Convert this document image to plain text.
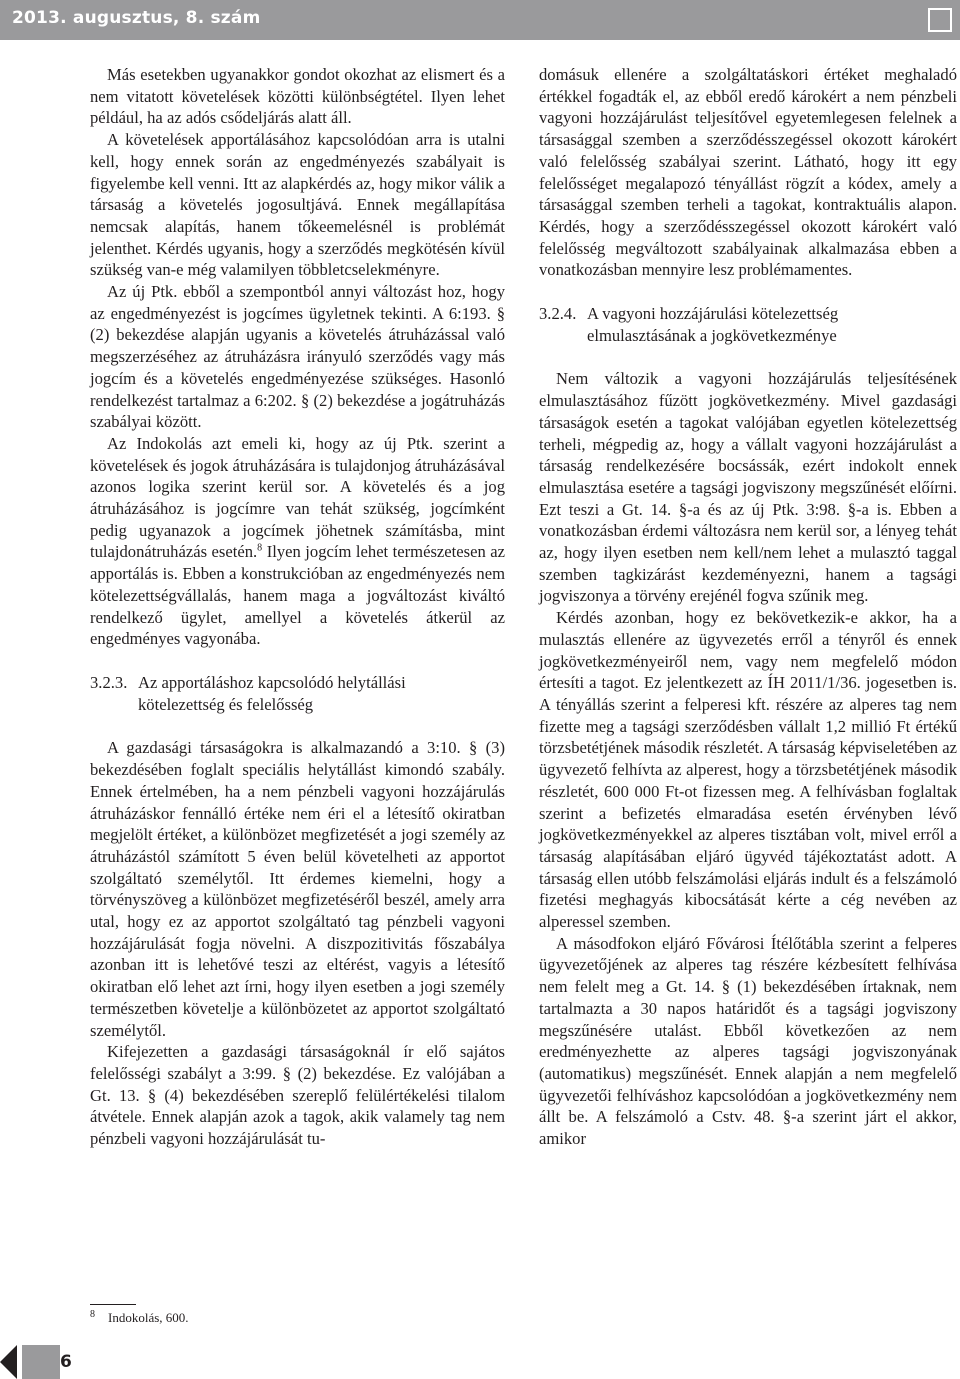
2013. augusztus, 8. szám

Más esetekben ugyanakkor gondot okozhat az elismert és a nem vitatott követelések közötti különbségtétel. Ilyen lehet például, ha az adós csődeljárás alatt áll.

A követelések apportálásához kapcsolódóan arra is utalni kell, hogy ennek során az engedményezés szabályait is figyelembe kell venni. Itt az alapkérdés az, hogy mikor válik a társaság a követelés jogosultjává. Ennek megállapítása nemcsak alapítás, hanem tőkeemelésnél is problémát jelenthet. Kérdés ugyanis, hogy a szerződés megkötésén kívül szükség van-e még valamilyen többletcselekményre.

Az új Ptk. ebből a szempontból annyi változást hoz, hogy az engedményezést is jogcímes ügyletnek tekinti. A 6:193. § (2) bekezdése alapján ugyanis a követelés átruházással való megszerzéséhez az átruházásra irányuló szerződés vagy más jogcím és a követelés engedményezése szükséges. Hasonló rendelkezést tartalmaz a 6:202. § (2) bekezdése a jogátruházás szabályai között.

Az Indokolás azt emeli ki, hogy az új Ptk. szerint a követelések és jogok átruházására is tulajdonjog átruházásával azonos logika szerint kerül sor. A követelés és a jog átruházásához is jogcímre van tehát szükség, jogcímként pedig ugyanazok a jogcímek jöhetnek számításba, mint tulajdonátruházás esetén.$^8$ Ilyen jogcím lehet természetesen az apportálás is. Ebben a konstrukcióban az engedményezés nem kötelezettségvállalás, hanem maga a jogváltozást kiváltó rendelkező ügylet, amellyel a követelés átkerül az engedményes vagyonába.

3.2.3. Az apportáláshoz kapcsolódó helytállási
kötelezettség és felelősség

A gazdasági társaságokra is alkalmazandó a 3:10. § (3) bekezdésében foglalt speciális helytállást kimondó szabály. Ennek értelmében, ha a nem pénzbeli vagyoni hozzájárulás átruházáskor fennálló értéke nem éri el a létesítő okiratban megjelölt értéket, a különbözet megfizetését a jogi személy az átruházástól számított 5 éven belül követelheti az apportot szolgáltató személytől. Itt érdemes kiemelni, hogy a törvényszöveg a különbözet megfizetéséről beszél, amely arra utal, hogy ez az apportot szolgáltató tag pénzbeli vagyoni hozzájárulását fogja növelni. A diszpozitivitás főszabálya azonban itt is lehetővé teszi az eltérést, vagyis a létesítő okiratban elő lehet azt írni, hogy ilyen esetben a jogi személy természetben követelje a különbözetet az apportot szolgáltató személytől.

Kifejezetten a gazdasági társaságoknál ír elő sajátos felelősségi szabályt a 3:99. § (2) bekezdése. Ez valójában a Gt. 13. § (4) bekezdésében szereplő felülértékelési tilalom átvétele. Ennek alapján azok a tagok, akik valamely tag nem pénzbeli vagyoni hozzájárulását tu-

domásuk ellenére a szolgáltatáskori értéket meghaladó értékkel fogadták el, az ebből eredő károkért a nem pénzbeli vagyoni hozzájárulást teljesítővel egyetemlegesen felelnek a társasággal szemben a szerződésszegéssel okozott károkért való felelősség szabályai szerint. Látható, hogy itt egy felelősséget megalapozó tényállást rögzít a kódex, amely a társasággal szemben terheli a tagokat, kontraktuális alapon. Kérdés, hogy a szerződésszegéssel okozott károkért való felelősség megváltozott szabályainak alkalmazása ebben a vonatkozásban mennyire lesz problémamentes.

3.2.4. A vagyoni hozzájárulási kötelezettség
elmulasztásának a jogkövetkezménye

Nem változik a vagyoni hozzájárulás teljesítésének elmulasztásához fűzött jogkövetkezmény. Mivel gazdasági társaságok esetén a tagokat valójában egyetlen kötelezettség terheli, mégpedig az, hogy a vállalt vagyoni hozzájárulást a társaság rendelkezésére bocsássák, ezért indokolt ennek elmulasztása esetére a tagsági jogviszony megszűnését előírni. Ezt teszi a Gt. 14. §-a és az új Ptk. 3:98. §-a is. Ebben a vonatkozásban érdemi változásra nem kerül sor, a lényeg tehát az, hogy ilyen esetben nem kell/nem lehet a mulasztó taggal szemben tagkizárást kezdeményezni, hanem a tagsági jogviszonya a törvény erejénél fogva szűnik meg.

Kérdés azonban, hogy ez bekövetkezik-e akkor, ha a mulasztás ellenére az ügyvezetés erről a tényről és ennek jogkövetkezményeiről nem, vagy nem megfelelő módon értesíti a tagot. Ez jelentkezett az ÍH 2011/1/36. jogesetben is. A tényállás szerint a felperesi kft. részére az alperes tag nem fizette meg a tagsági szerződésben vállalt 1,2 millió Ft értékű törzsbetétjének második részletét. A társaság képviseletében az ügyvezető felhívta az alperest, hogy a törzsbetétjének második részletét, 600 000 Ft-ot fizessen meg. A felhívásban foglaltak szerint a befizetés elmaradása esetén érvényben lévő jogkövetkezményekkel az alperes tisztában volt, mivel erről a társaság alapításában eljáró ügyvéd tájékoztatást adott. A társaság ellen utóbb felszámolási eljárás indult és a felszámoló fizetési meghagyás kibocsátását kérte a cég nevében az alperessel szemben.

A másodfokon eljáró Fővárosi Ítélőtábla szerint a felperes ügyvezetőjének az alperes tag részére kézbesített felhívása nem felelt meg a Gt. 14. § (1) bekezdésében írtaknak, nem tartalmazta a 30 napos határidőt és a tagsági jogviszony megszűnésére utalást. Ebből következően az nem eredményezhette az alperes tagsági jogviszonyának (automatikus) megszűnését. Ennek alapján a nem megfelelő ügyvezetői felhíváshoz kapcsolódóan a jogkövetkezmény nem állt be. A felszámoló a Cstv. 48. §-a szerint járt el akkor, amikor

8 Indokolás, 600.
6
